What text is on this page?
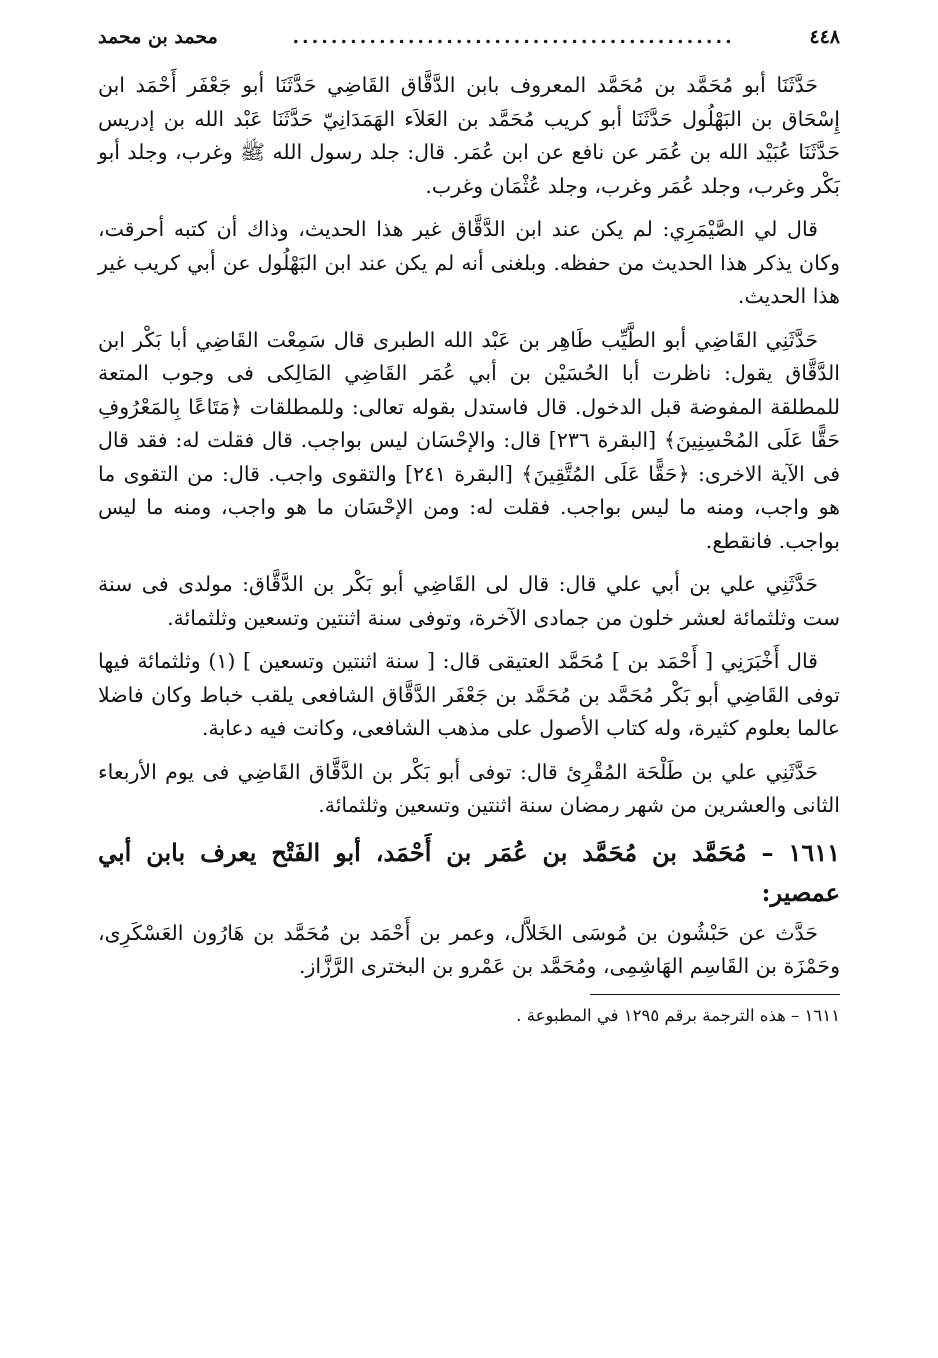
٤٤٨
..............................................
محمد بن محمد

حَدَّثَنَا أبو مُحَمَّد بن مُحَمَّد المعروف بابن الدَّقَّاق القَاضِي حَدَّثَنَا أبو جَعْفَر أَحْمَد ابن إِسْحَاق بن البَهْلُول حَدَّثَنَا أبو كريب مُحَمَّد بن العَلاَء الهَمَدَانِيّ حَدَّثَنَا عَبْد الله بن إدريس حَدَّثَنَا عُبَيْد الله بن عُمَر عن نافع عن ابن عُمَر. قال: جلد رسول الله ﷺ وغرب، وجلد أبو بَكْر وغرب، وجلد عُمَر وغرب، وجلد عُثْمَان وغرب.

قال لي الصَّيْمَرِي: لم يكن عند ابن الدَّقَّاق غير هذا الحديث، وذاك أن كتبه أحرقت، وكان يذكر هذا الحديث من حفظه. وبلغنى أنه لم يكن عند ابن البَهْلُول عن أبي كريب غير هذا الحديث.

حَدَّثَنِي القَاضِي أبو الطَّيِّب طَاهِر بن عَبْد الله الطبرى قال سَمِعْت القَاضِي أبا بَكْر ابن الدَّقَّاق يقول: ناظرت أبا الحُسَيْن بن أبي عُمَر القَاضِي المَالِكى فى وجوب المتعة للمطلقة المفوضة قبل الدخول. قال فاستدل بقوله تعالى: وللمطلقات ﴿مَتَاعًا بِالمَعْرُوفِ حَقًّا عَلَى المُحْسِنِينَ﴾ [البقرة ٢٣٦] قال: والإحْسَان ليس بواجب. قال فقلت له: فقد قال فى الآية الاخرى: ﴿حَقًّا عَلَى المُتَّقِينَ﴾ [البقرة ٢٤١] والتقوى واجب. قال: من التقوى ما هو واجب، ومنه ما ليس بواجب. فقلت له: ومن الإحْسَان ما هو واجب، ومنه ما ليس بواجب. فانقطع.

حَدَّثَنِي علي بن أبي علي قال: قال لى القَاضِي أبو بَكْر بن الدَّقَّاق: مولدى فى سنة ست وثلثمائة لعشر خلون من جمادى الآخرة، وتوفى سنة اثنتين وتسعين وثلثمائة.

قال أَخْبَرَنِي [ أَحْمَد بن ] مُحَمَّد العتيقى قال: [ سنة اثنتين وتسعين ] (١) وثلثمائة فيها توفى القَاضِي أبو بَكْر مُحَمَّد بن مُحَمَّد بن جَعْفَر الدَّقَّاق الشافعى يلقب خباط وكان فاضلا عالما بعلوم كثيرة، وله كتاب الأصول على مذهب الشافعى، وكانت فيه دعابة.

حَدَّثَنِي علي بن طَلْحَة المُقْرِئ قال: توفى أبو بَكْر بن الدَّقَّاق القَاضِي فى يوم الأربعاء الثانى والعشرين من شهر رمضان سنة اثنتين وتسعين وثلثمائة.

١٦١١ – مُحَمَّد بن مُحَمَّد بن عُمَر بن أَحْمَد، أبو الفَتْح يعرف بابن أبي عمصير:

حَدَّث عن حَبْشُون بن مُوسَى الخَلاَّل، وعمر بن أَحْمَد بن مُحَمَّد بن هَارُون العَسْكَرِى، وحَمْزَة بن القَاسِم الهَاشِمِى، ومُحَمَّد بن عَمْرو بن البخترى الرَّزَّاز.

١٦١١ – هذه الترجمة برقم ١٢٩٥ في المطبوعة .
